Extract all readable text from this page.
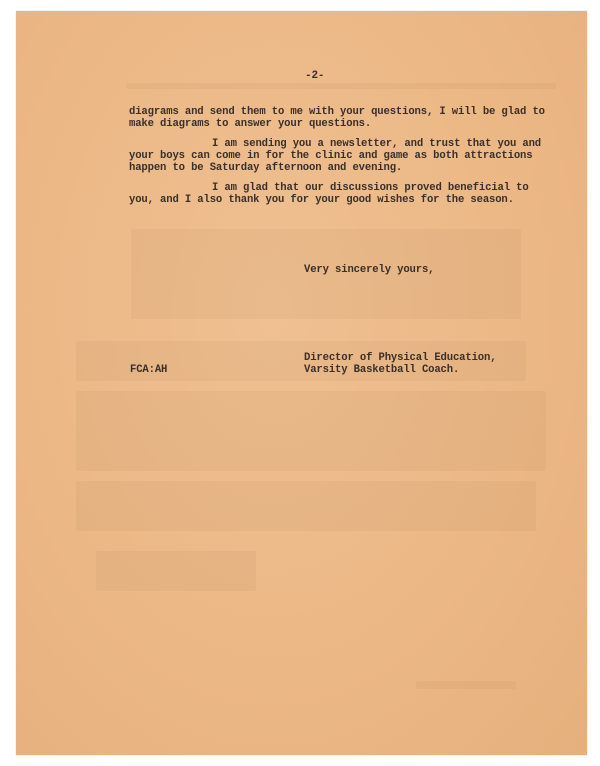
-2-
diagrams and send them to me with your questions, I will be glad to
make diagrams to answer your questions.
I am sending you a newsletter, and trust that you and
your boys can come in for the clinic and game as both attractions
happen to be Saturday afternoon and evening.
I am glad that our discussions proved beneficial to
you, and I also thank you for your good wishes for the season.
Very sincerely yours,
Director of Physical Education,
FCA:AH	Varsity Basketball Coach.
